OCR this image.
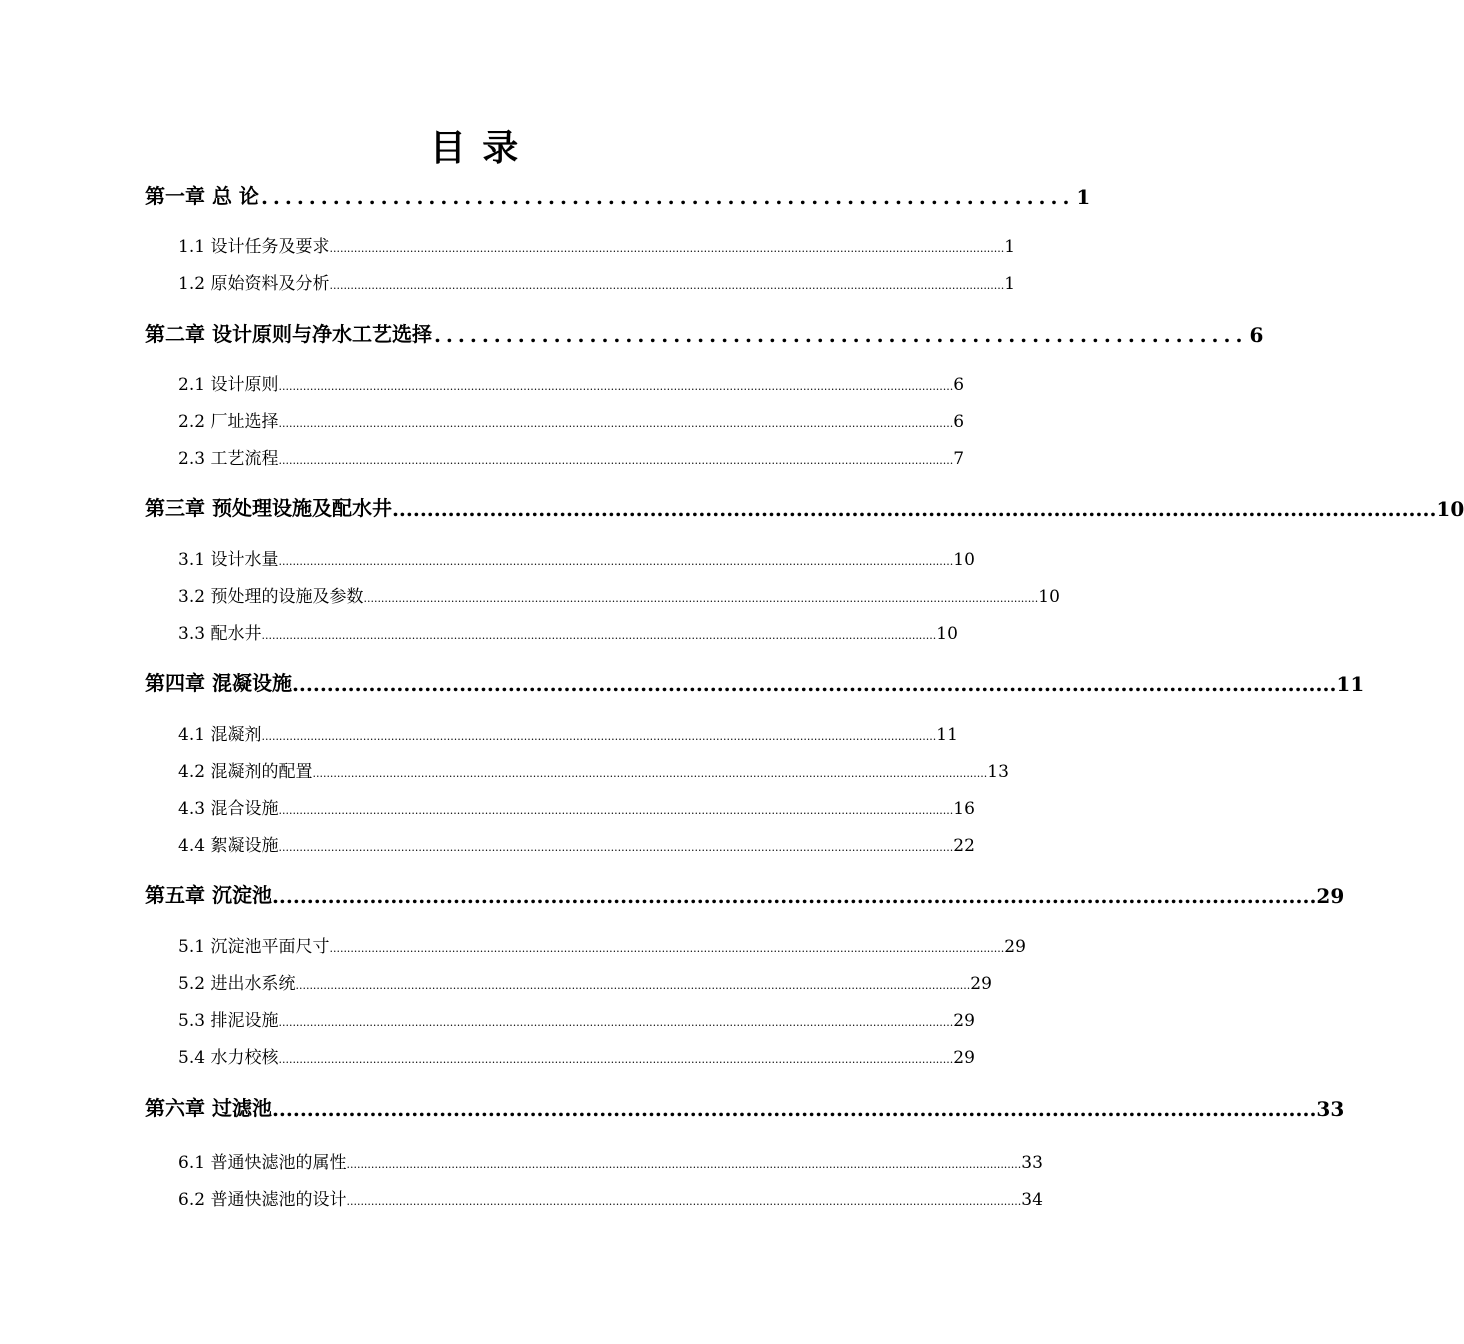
目 录
第一章 总 论 .................................................................... 1
1.1 设计任务及要求 ................................................................................................................................................................................................. 1
1.2 原始资料及分析 ................................................................................................................................................................................................. 1
第二章 设计原则与净水工艺选择 .................................................................... 6
2.1 设计原则 ................................................................................................................................................................................................. 6
2.2 厂址选择 ................................................................................................................................................................................................. 6
2.3 工艺流程 ................................................................................................................................................................................................. 7
第三章 预处理设施及配水井 ...................................................................................................................................................... 10
3.1 设计水量 ................................................................................................................................................................................................. 10
3.2 预处理的设施及参数 ................................................................................................................................................................................................. 10
3.3 配水井 ................................................................................................................................................................................................. 10
第四章 混凝设施 ...................................................................................................................................................... 11
4.1 混凝剂 ................................................................................................................................................................................................. 11
4.2 混凝剂的配置 ................................................................................................................................................................................................. 13
4.3 混合设施 ................................................................................................................................................................................................. 16
4.4 絮凝设施 ................................................................................................................................................................................................. 22
第五章 沉淀池 ...................................................................................................................................................... 29
5.1 沉淀池平面尺寸 ................................................................................................................................................................................................. 29
5.2 进出水系统 ................................................................................................................................................................................................. 29
5.3 排泥设施 ................................................................................................................................................................................................. 29
5.4 水力校核 ................................................................................................................................................................................................. 29
第六章 过滤池 ...................................................................................................................................................... 33
6.1 普通快滤池的属性 ................................................................................................................................................................................................. 33
6.2 普通快滤池的设计 ................................................................................................................................................................................................. 34
